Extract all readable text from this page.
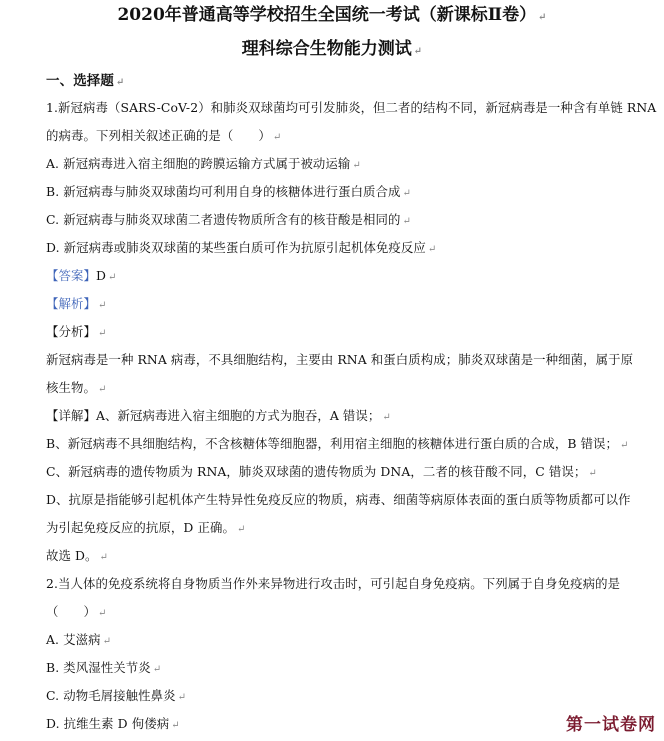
2020年普通高等学校招生全国统一考试（新课标Ⅱ卷） ↵
理科综合生物能力测试 ↵
一、选择题 ↵
1.新冠病毒（SARS-CoV-2）和肺炎双球菌均可引发肺炎，但二者的结构不同，新冠病毒是一种含有单链 RNA
的病毒。下列相关叙述正确的是（　　） ↵
A. 新冠病毒进入宿主细胞的跨膜运输方式属于被动运输 ↵
B. 新冠病毒与肺炎双球菌均可利用自身的核糖体进行蛋白质合成 ↵
C. 新冠病毒与肺炎双球菌二者遗传物质所含有的核苷酸是相同的 ↵
D. 新冠病毒或肺炎双球菌的某些蛋白质可作为抗原引起机体免疫反应 ↵
【答案】D ↵
【解析】 ↵
【分析】 ↵
新冠病毒是一种 RNA 病毒，不具细胞结构，主要由 RNA 和蛋白质构成；肺炎双球菌是一种细菌，属于原
核生物。 ↵
【详解】A、新冠病毒进入宿主细胞的方式为胞吞，A 错误； ↵
B、新冠病毒不具细胞结构，不含核糖体等细胞器，利用宿主细胞的核糖体进行蛋白质的合成，B 错误； ↵
C、新冠病毒的遗传物质为 RNA，肺炎双球菌的遗传物质为 DNA，二者的核苷酸不同，C 错误； ↵
D、抗原是指能够引起机体产生特异性免疫反应的物质，病毒、细菌等病原体表面的蛋白质等物质都可以作
为引起免疫反应的抗原，D 正确。 ↵
故选 D。 ↵
2.当人体的免疫系统将自身物质当作外来异物进行攻击时，可引起自身免疫病。下列属于自身免疫病的是
（　　） ↵
A. 艾滋病 ↵
B. 类风湿性关节炎 ↵
C. 动物毛屑接触性鼻炎 ↵
D. 抗维生素 D 佝偻病 ↵	第一试卷网
